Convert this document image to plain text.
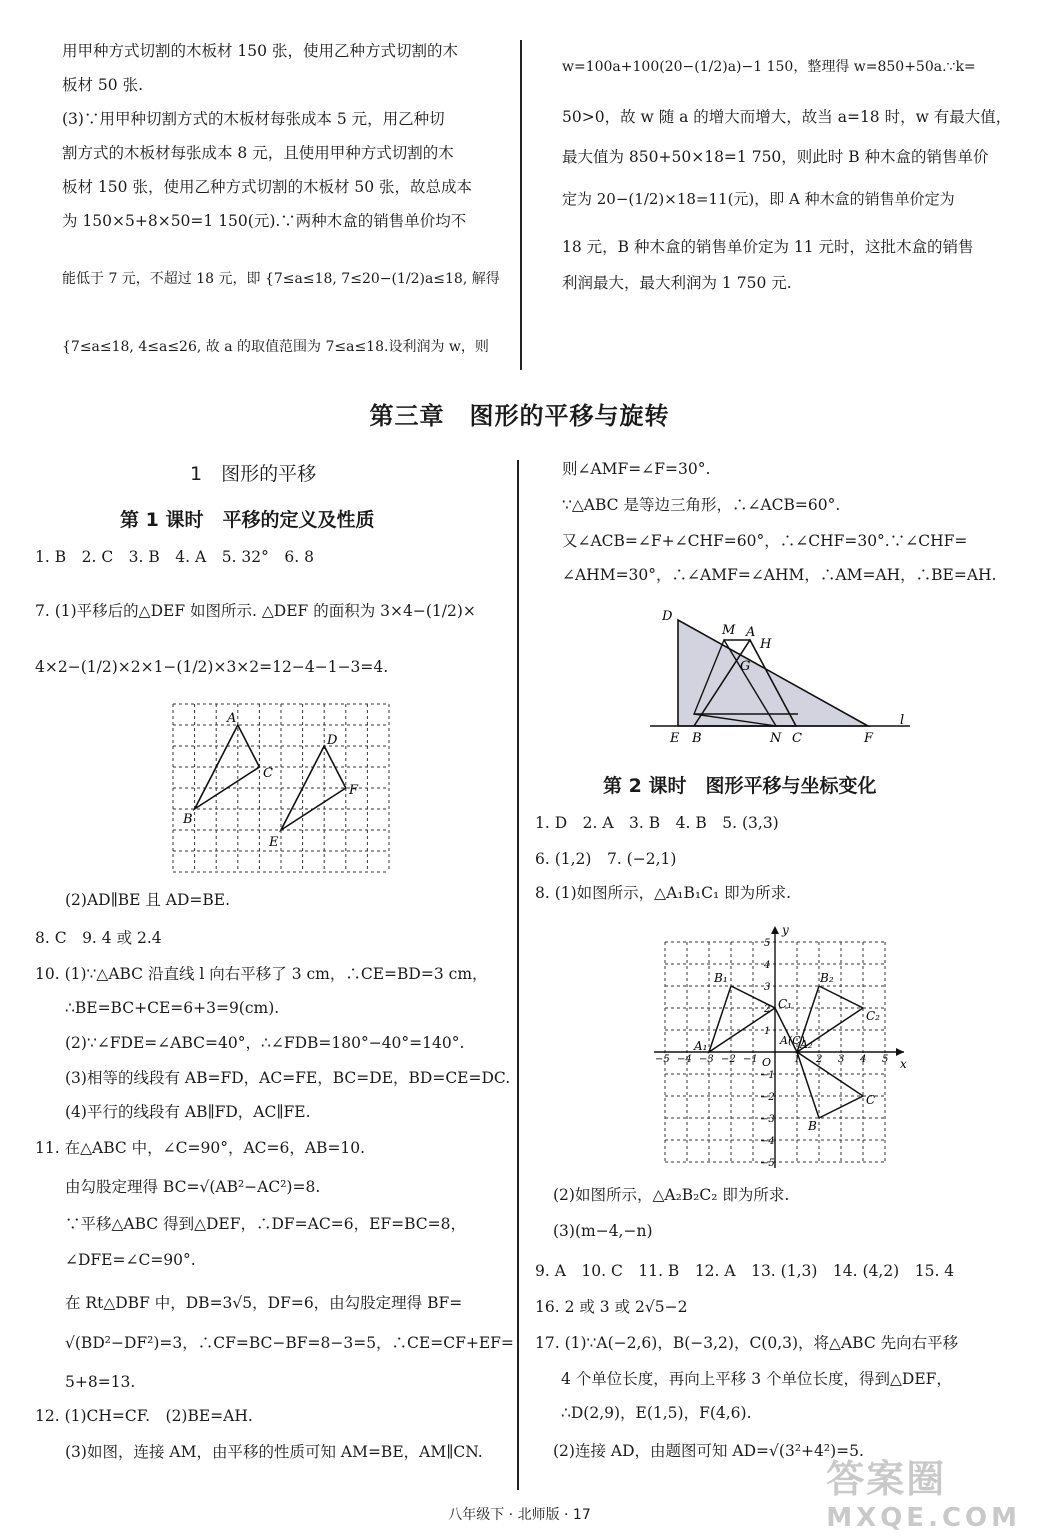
用甲种方式切割的木板材 150 张，使用乙种方式切割的木
板材 50 张.
(3)∵用甲种切割方式的木板材每张成本 5 元，用乙种切
割方式的木板材每张成本 8 元，且使用甲种方式切割的木
板材 150 张，使用乙种方式切割的木板材 50 张，故总成本
为 150×5+8×50=1 150(元).∵两种木盒的销售单价均不
能低于 7 元，不超过 18 元，即 {7≤a≤18, 7≤20−(1/2)a≤18, 解得
{7≤a≤18, 4≤a≤26, 故 a 的取值范围为 7≤a≤18.设利润为 w，则
w=100a+100(20−(1/2)a)−1 150，整理得 w=850+50a.∵k=
50>0，故 w 随 a 的增大而增大，故当 a=18 时，w 有最大值，
最大值为 850+50×18=1 750，则此时 B 种木盒的销售单价
定为 20−(1/2)×18=11(元)，即 A 种木盒的销售单价定为
18 元，B 种木盒的销售单价定为 11 元时，这批木盒的销售
利润最大，最大利润为 1 750 元.
第三章　图形的平移与旋转
1　图形的平移
第 1 课时　平移的定义及性质
1. B　2. C　3. B　4. A　5. 32°　6. 8
7. (1)平移后的△DEF 如图所示. △DEF 的面积为 3×4−(1/2)×
4×2−(1/2)×2×1−(1/2)×3×2=12−4−1−3=4.
A
B
C
D
E
F
(2)AD∥BE 且 AD=BE.
8. C　9. 4 或 2.4
10. (1)∵△ABC 沿直线 l 向右平移了 3 cm，∴CE=BD=3 cm，
∴BE=BC+CE=6+3=9(cm).
(2)∵∠FDE=∠ABC=40°，∴∠FDB=180°−40°=140°.
(3)相等的线段有 AB=FD，AC=FE，BC=DE，BD=CE=DC.
(4)平行的线段有 AB∥FD，AC∥FE.
11. 在△ABC 中，∠C=90°，AC=6，AB=10.
由勾股定理得 BC=√(AB²−AC²)=8.
∵平移△ABC 得到△DEF，∴DF=AC=6，EF=BC=8，
∠DFE=∠C=90°.
在 Rt△DBF 中，DB=3√5，DF=6，由勾股定理得 BF=
√(BD²−DF²)=3，∴CF=BC−BF=8−3=5，∴CE=CF+EF=
5+8=13.
12. (1)CH=CF.　(2)BE=AH.
(3)如图，连接 AM，由平移的性质可知 AM=BE，AM∥CN.
则∠AMF=∠F=30°.
∵△ABC 是等边三角形，∴∠ACB=60°.
又∠ACB=∠F+∠CHF=60°，∴∠CHF=30°.∵∠CHF=
∠AHM=30°，∴∠AMF=∠AHM，∴AM=AH，∴BE=AH.
D
M A
H
G
E B	N C	F
l
第 2 课时　图形平移与坐标变化
1. D　2. A　3. B　4. B　5. (3,3)
6. (1,2)　7. (−2,1)
8. (1)如图所示，△A₁B₁C₁ 即为所求.
y
x
O
B₁	B₂
C₁
C₂
A₁	A(C)
C
B
A₂
−5 −4 −3 −2 −1	1 2 3 4 5
5
4
3
2
1
−1
−2
−3
−4
−5
(2)如图所示，△A₂B₂C₂ 即为所求.
(3)(m−4,−n)
9. A　10. C　11. B　12. A　13. (1,3)　14. (4,2)　15. 4
16. 2 或 3 或 2√5−2
17. (1)∵A(−2,6)，B(−3,2)，C(0,3)，将△ABC 先向右平移
4 个单位长度，再向上平移 3 个单位长度，得到△DEF，
∴D(2,9)，E(1,5)，F(4,6).
(2)连接 AD，由题图可知 AD=√(3²+4²)=5.
八年级下 · 北师版 · 17
答案圈
MXQE.COM
